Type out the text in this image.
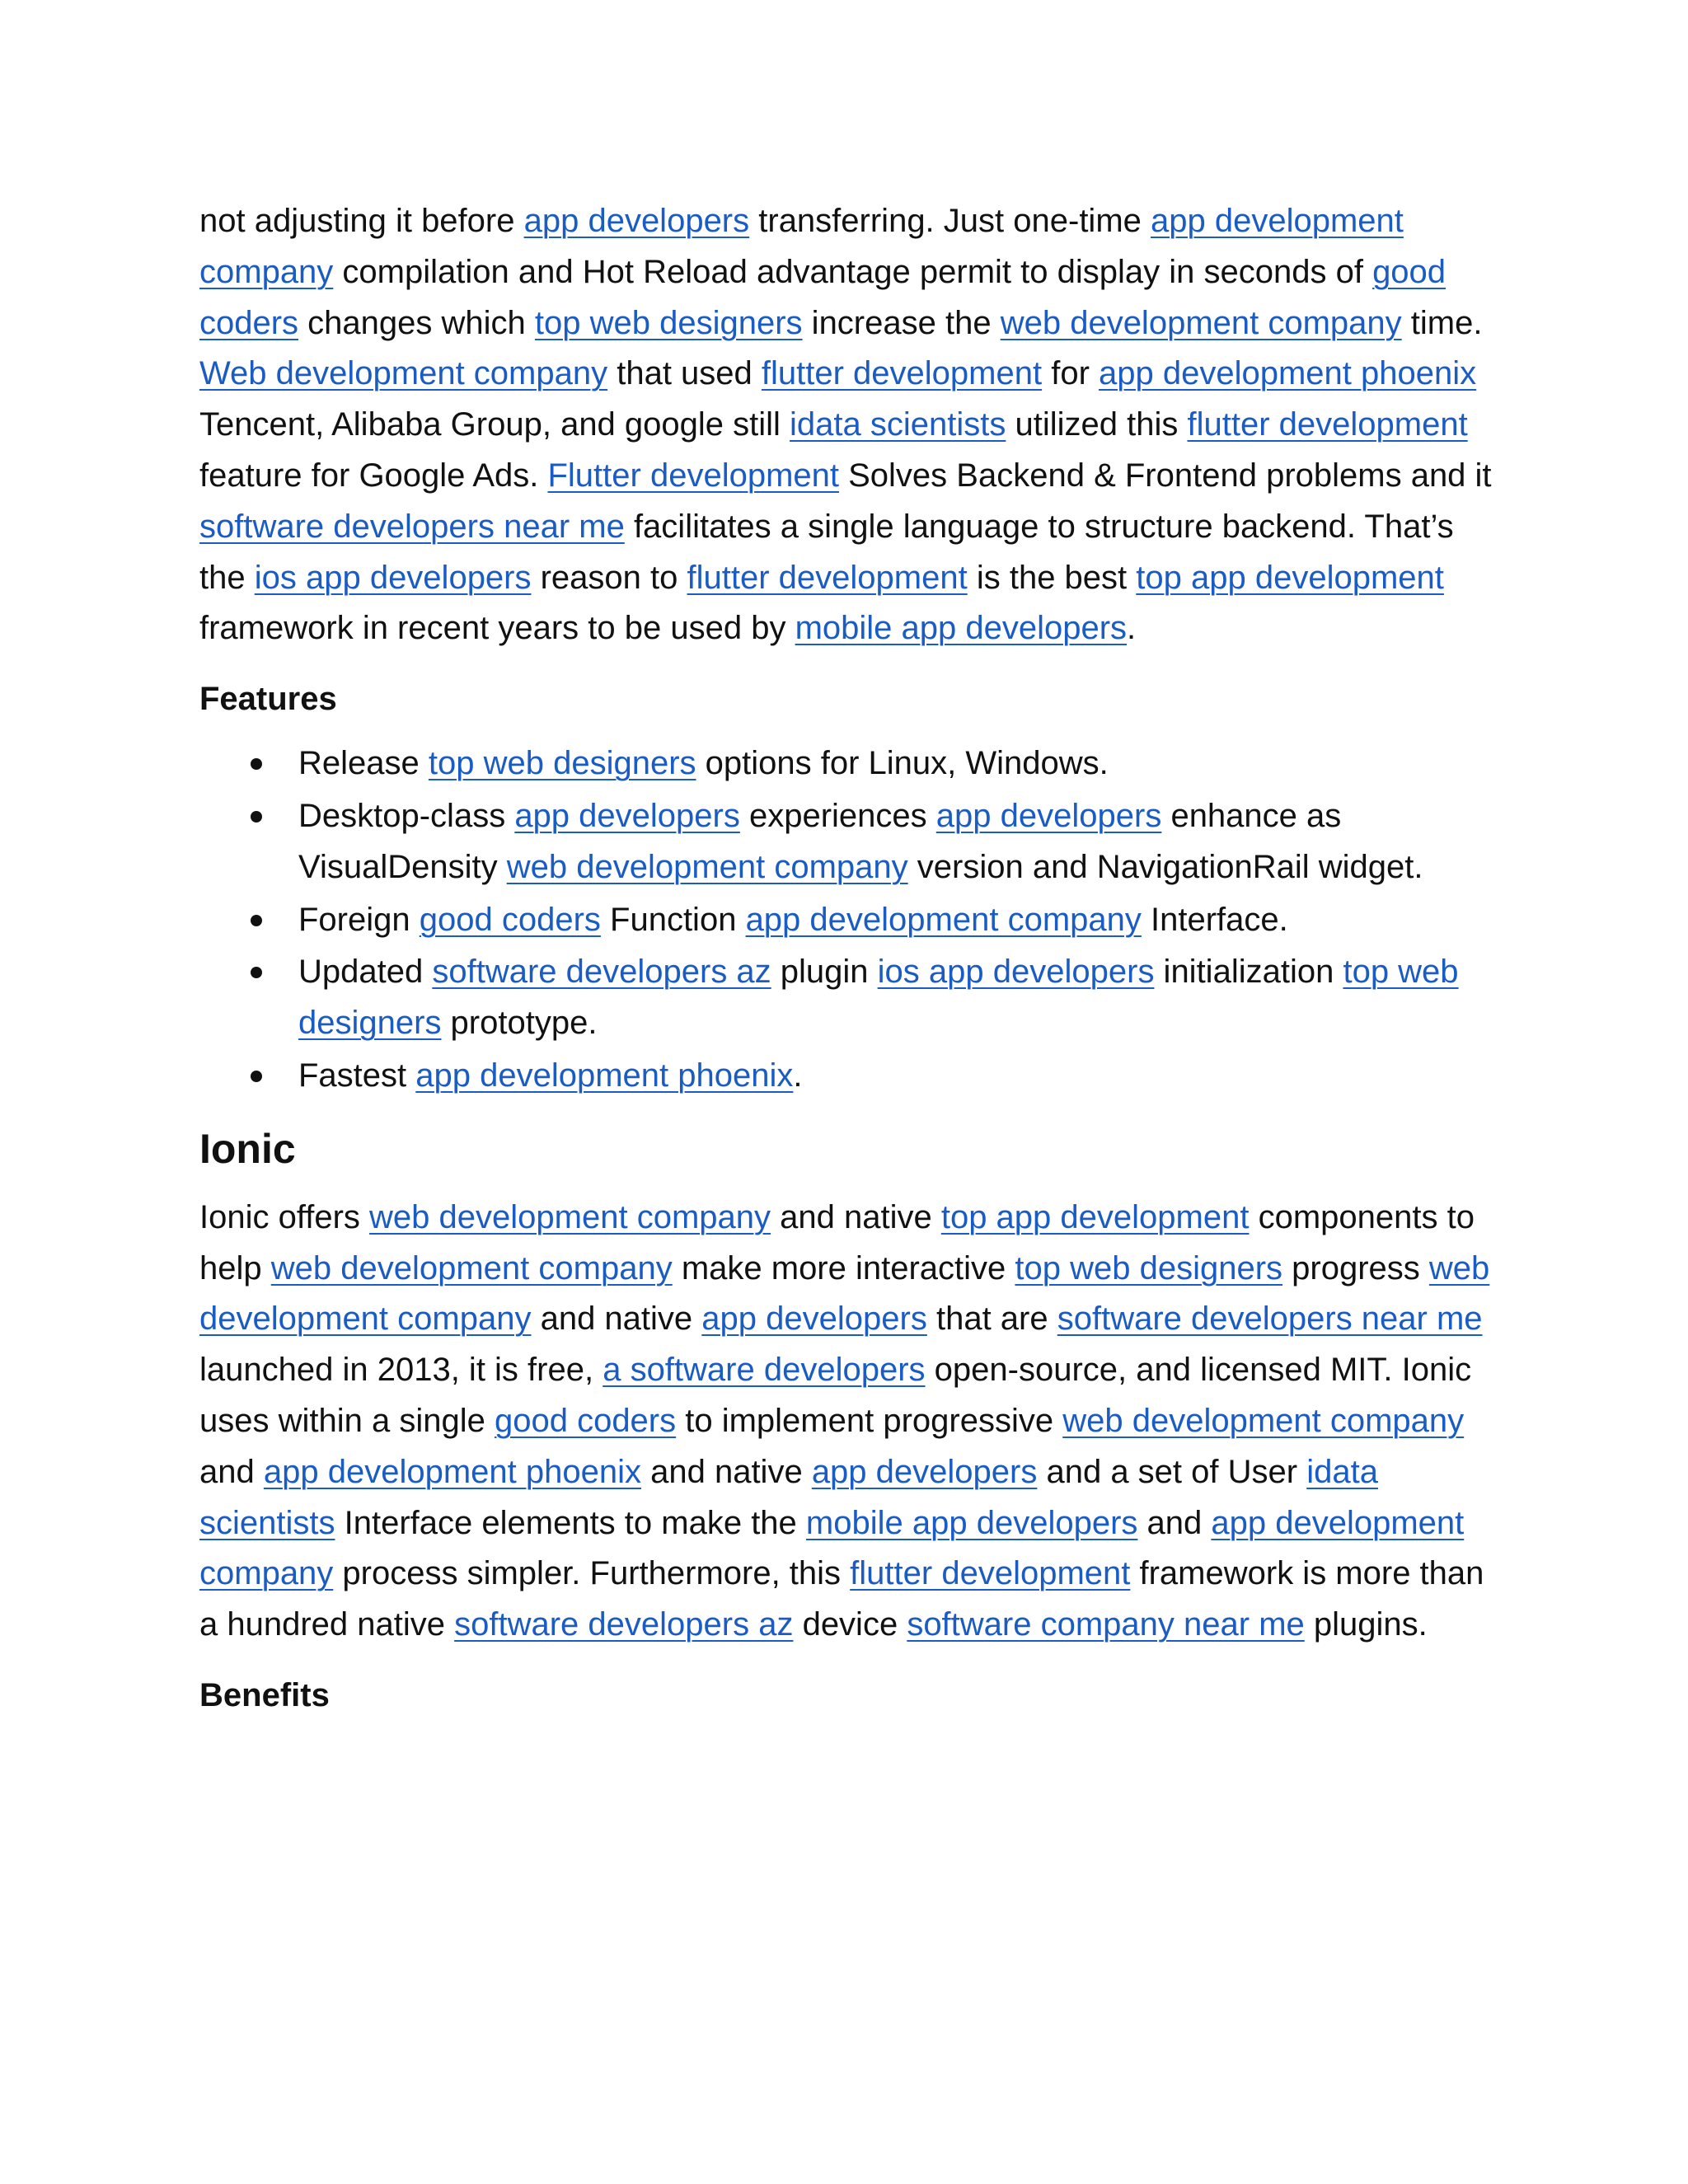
not adjusting it before app developers transferring. Just one-time app development company compilation and Hot Reload advantage permit to display in seconds of good coders changes which top web designers increase the web development company time. Web development company that used flutter development for app development phoenix Tencent, Alibaba Group, and google still idata scientists utilized this flutter development feature for Google Ads. Flutter development Solves Backend & Frontend problems and it software developers near me facilitates a single language to structure backend. That’s the ios app developers reason to flutter development is the best top app development framework in recent years to be used by mobile app developers.

Features
Release top web designers options for Linux, Windows.
Desktop-class app developers experiences app developers enhance as VisualDensity web development company version and NavigationRail widget.
Foreign good coders Function app development company Interface.
Updated software developers az plugin ios app developers initialization top web designers prototype.
Fastest app development phoenix.
Ionic

Ionic offers web development company and native top app development components to help web development company make more interactive top web designers progress web development company and native app developers that are software developers near me launched in 2013, it is free, a software developers open-source, and licensed MIT. Ionic uses within a single good coders to implement progressive web development company and app development phoenix and native app developers and a set of User idata scientists Interface elements to make the mobile app developers and app development company process simpler. Furthermore, this flutter development framework is more than a hundred native software developers az device software company near me plugins.

Benefits
